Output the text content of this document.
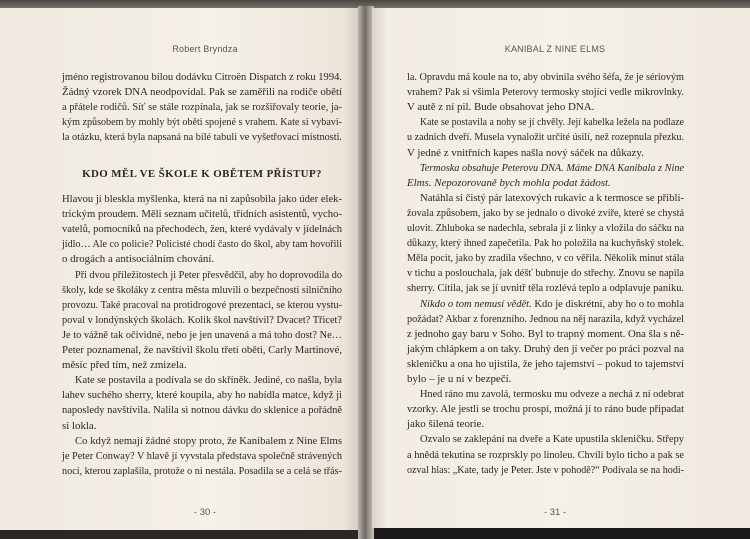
Robert Bryndza
KDO MĚL VE ŠKOLE K OBĚTEM PŘÍSTUP?
jméno registrovanou bílou dodávku Citroën Dispatch z roku 1994.
Žádný vzorek DNA neodpovídal. Pak se zaměřili na rodiče obětí
a přátele rodičů. Síť se stále rozpínala, jak se rozšiřovaly teorie, ja-
kým způsobem by mohly být oběti spojené s vrahem. Kate si vybavi-
la otázku, která byla napsaná na bílé tabuli ve vyšetřovací místnosti.
Hlavou jí bleskla myšlenka, která na ni zapůsobila jako úder elek-
trickým proudem. Měli seznam učitelů, třídních asistentů, vycho-
vatelů, pomocníků na přechodech, žen, které vydávaly v jídelnách
jídlo… Ale co policie? Policisté chodí často do škol, aby tam hovořili
o drogách a antisociálním chování.
Při dvou příležitostech ji Peter přesvědčil, aby ho doprovodila do
školy, kde se školáky z centra města mluvili o bezpečnosti silničního
provozu. Také pracoval na protidrogové prezentaci, se kterou vystu-
poval v londýnských školách. Kolik škol navštívil? Dvacet? Třicet?
Je to vážně tak očividné, nebo je jen unavená a má toho dost? Ne…
Peter poznamenal, že navštívil školu třetí oběti, Carly Martinové,
měsíc před tím, než zmizela.
Kate se postavila a podívala se do skříněk. Jediné, co našla, byla
lahev suchého sherry, které koupila, aby ho nabídla matce, když ji
naposledy navštívila. Nalila si notnou dávku do sklenice a pořádně
si lokla.
Co když nemají žádné stopy proto, že Kanibalem z Nine Elms
je Peter Conway? V hlavě jí vyvstala představa společně strávených
nocí, kterou zaplašila, protože o ni nestála. Posadila se a celá se třás-
- 30 -
KANIBAL Z NINE ELMS
la. Opravdu má koule na to, aby obvinila svého šéfa, že je sériovým
vrahem? Pak si všimla Peterovy termosky stojící vedle mikrovlnky.
V autě z ní pil. Bude obsahovat jeho DNA.
Kate se postavila a nohy se jí chvěly. Její kabelka ležela na podlaze
u zadních dveří. Musela vynaložit určité úsilí, než rozepnula přezku.
V jedné z vnitřních kapes našla nový sáček na důkazy.
Termoska obsahuje Peterovu DNA. Máme DNA Kanibala z Nine
Elms. Nepozorovaně bych mohla podat žádost.
Natáhla si čistý pár latexových rukavic a k termosce se přibli-
žovala způsobem, jako by se jednalo o divoké zvíře, které se chystá
ulovit. Zhluboka se nadechla, sebrala ji z linky a vložila do sáčku na
důkazy, který ihned zapečetila. Pak ho položila na kuchyňský stolek.
Měla pocit, jako by zradila všechno, v co věřila. Několik minut stála
v tichu a poslouchala, jak déšť bubnuje do střechy. Znovu se napila
sherry. Cítila, jak se jí uvnitř těla rozlévá teplo a odplavuje paniku.
Nikdo o tom nemusí vědět. Kdo je diskrétní, aby ho o to mohla
požádat? Akbar z forenzního. Jednou na něj narazila, když vycházel
z jednoho gay baru v Soho. Byl to trapný moment. Ona šla s ně-
jakým chlápkem a on taky. Druhý den jí večer po práci pozval na
skleničku a ona ho ujistila, že jeho tajemství – pokud to tajemství
bylo – je u ní v bezpečí.
Hned ráno mu zavolá, termosku mu odveze a nechá z ní odebrat
vzorky. Ale jestli se trochu prospí, možná jí to ráno bude připadat
jako šílená teorie.
Ozvalo se zaklepání na dveře a Kate upustila skleničku. Střepy
a hnědá tekutina se rozprskly po linoleu. Chvíli bylo ticho a pak se
ozval hlas: „Kate, tady je Peter. Jste v pohodě?“ Podívala se na hodi-
- 31 -
